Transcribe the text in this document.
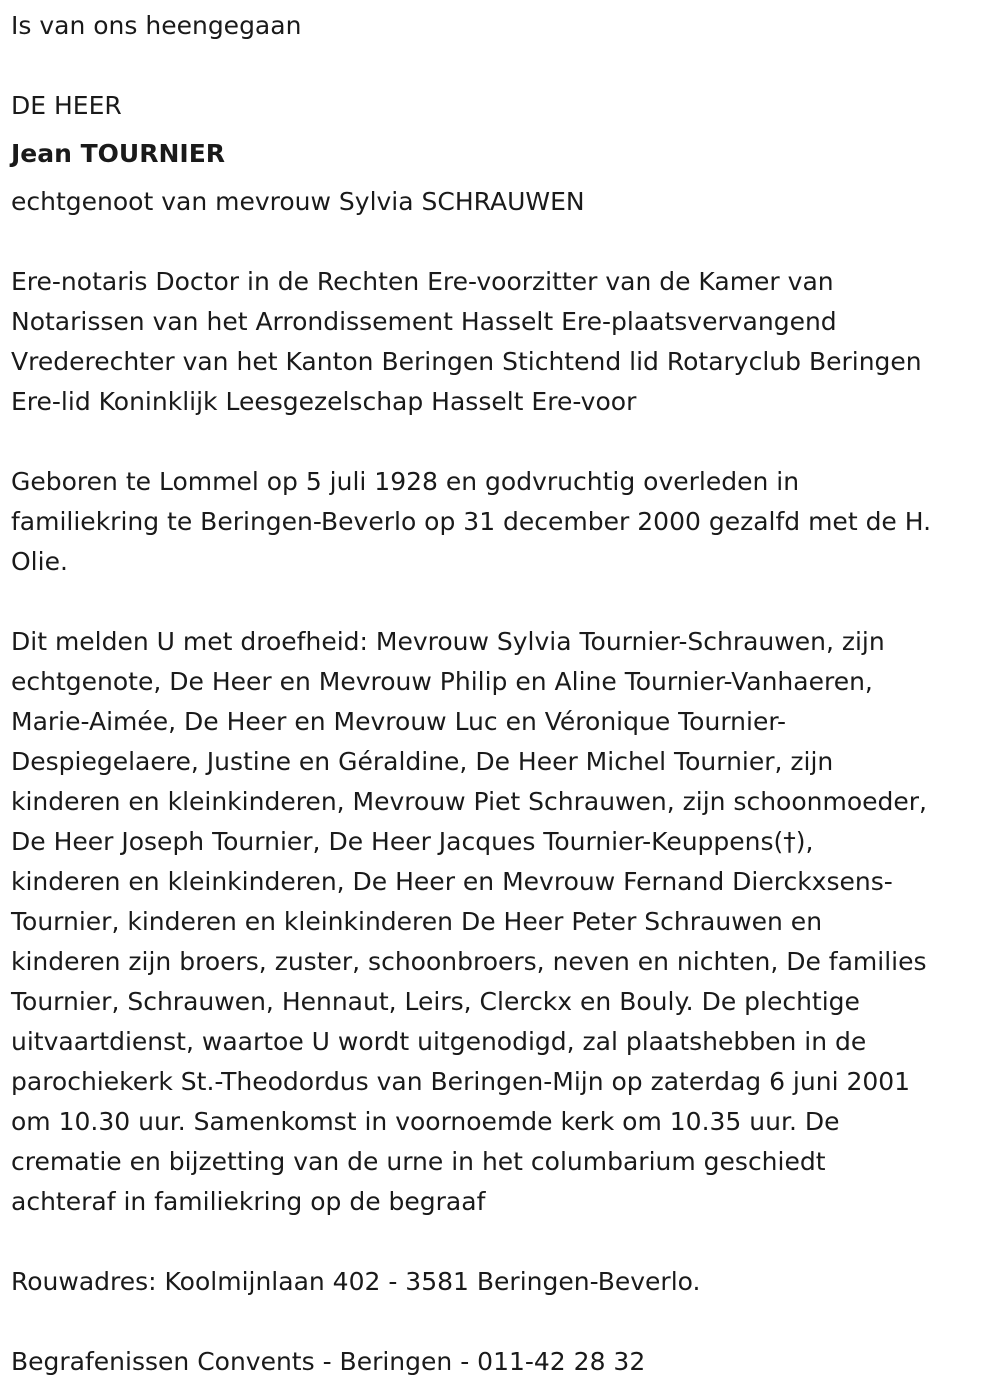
Is van ons heengegaan

DE HEER

Jean TOURNIER

echtgenoot van mevrouw Sylvia SCHRAUWEN

Ere-notaris Doctor in de Rechten Ere-voorzitter van de Kamer van

Notarissen van het Arrondissement Hasselt Ere-plaatsvervangend

Vrederechter van het Kanton Beringen Stichtend lid Rotaryclub Beringen

Ere-lid Koninklijk Leesgezelschap Hasselt Ere-voor

Geboren te Lommel op 5 juli 1928 en godvruchtig overleden in

familiekring te Beringen-Beverlo op 31 december 2000 gezalfd met de H.

Olie.

Dit melden U met droefheid: Mevrouw Sylvia Tournier-Schrauwen, zijn

echtgenote, De Heer en Mevrouw Philip en Aline Tournier-Vanhaeren,

Marie-Aimée, De Heer en Mevrouw Luc en Véronique Tournier-

Despiegelaere, Justine en Géraldine, De Heer Michel Tournier, zijn

kinderen en kleinkinderen, Mevrouw Piet Schrauwen, zijn schoonmoeder,

De Heer Joseph Tournier, De Heer Jacques Tournier-Keuppens(†),

kinderen en kleinkinderen, De Heer en Mevrouw Fernand Dierckxsens-

Tournier, kinderen en kleinkinderen De Heer Peter Schrauwen en

kinderen zijn broers, zuster, schoonbroers, neven en nichten, De families

Tournier, Schrauwen, Hennaut, Leirs, Clerckx en Bouly. De plechtige

uitvaartdienst, waartoe U wordt uitgenodigd, zal plaatshebben in de

parochiekerk St.-Theodordus van Beringen-Mijn op zaterdag 6 juni 2001

om 10.30 uur. Samenkomst in voornoemde kerk om 10.35 uur. De

crematie en bijzetting van de urne in het columbarium geschiedt

achteraf in familiekring op de begraaf

Rouwadres: Koolmijnlaan 402 - 3581 Beringen-Beverlo.

Begrafenissen Convents - Beringen - 011-42 28 32
